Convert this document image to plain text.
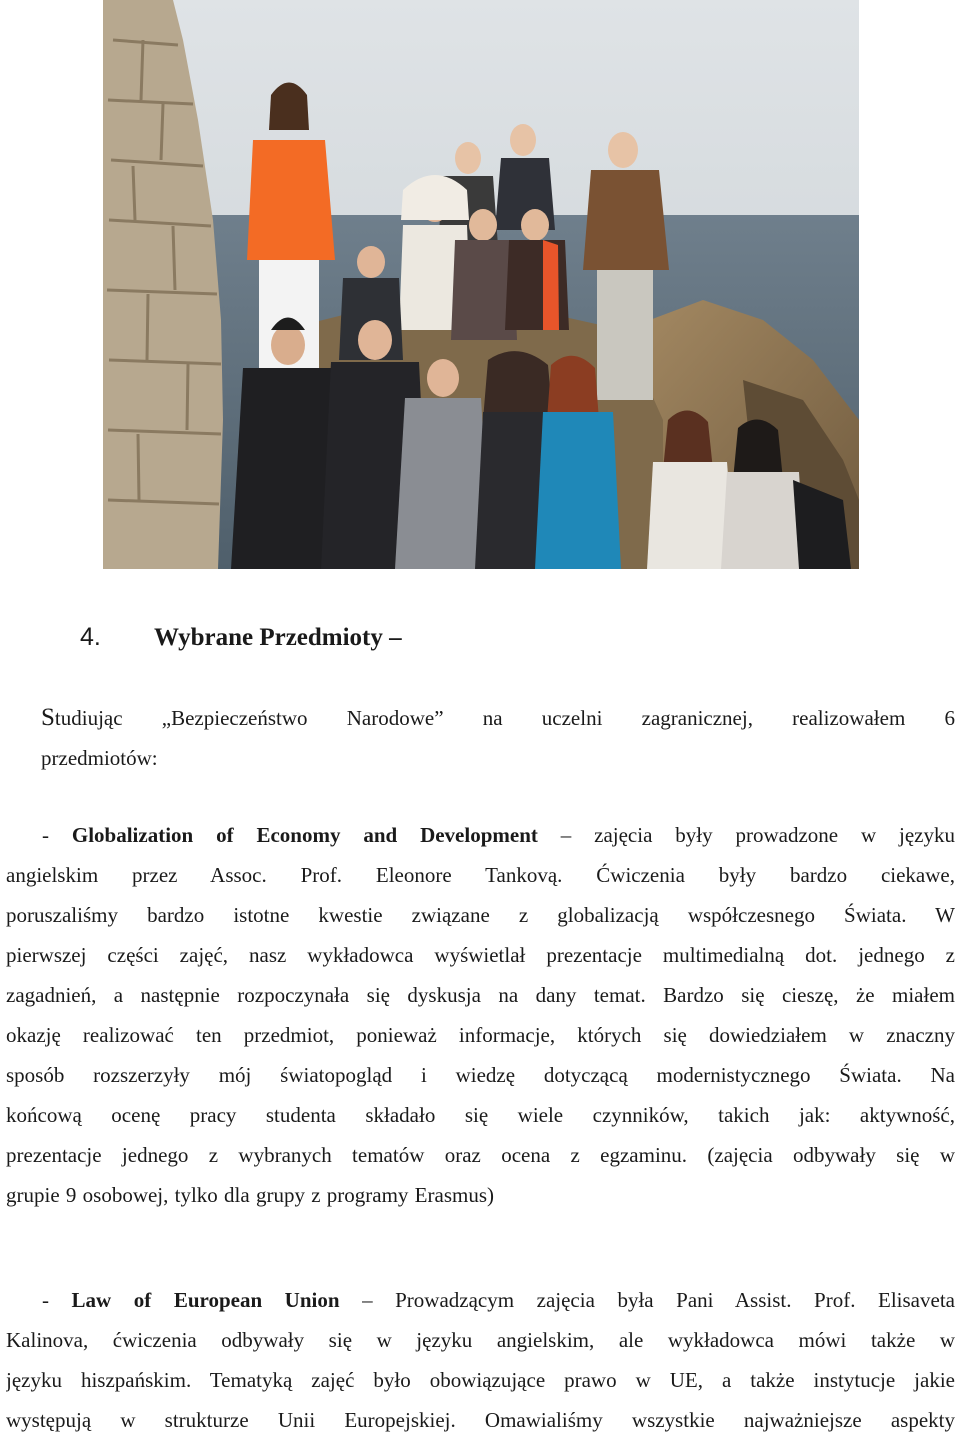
4. Wybrane Przedmioty –
Studiując „Bezpieczeństwo Narodowe” na uczelni zagranicznej, realizowałem 6
przedmiotów:
- Globalization of Economy and Development – zajęcia były prowadzone w języku
angielskim przez Assoc. Prof. Eleonore Tankovą. Ćwiczenia były bardzo ciekawe,
poruszaliśmy bardzo istotne kwestie związane z globalizacją współczesnego Świata. W
pierwszej części zajęć, nasz wykładowca wyświetlał prezentacje multimedialną dot. jednego z
zagadnień, a następnie rozpoczynała się dyskusja na dany temat. Bardzo się cieszę, że miałem
okazję realizować ten przedmiot, ponieważ informacje, których się dowiedziałem w znaczny
sposób rozszerzyły mój światopogląd i wiedzę dotyczącą modernistycznego Świata. Na
końcową ocenę pracy studenta składało się wiele czynników, takich jak: aktywność,
prezentacje jednego z wybranych tematów oraz ocena z egzaminu. (zajęcia odbywały się w
grupie 9 osobowej, tylko dla grupy z programy Erasmus)
- Law of European Union – Prowadzącym zajęcia była Pani Assist. Prof. Elisaveta
Kalinova, ćwiczenia odbywały się w języku angielskim, ale wykładowca mówi także w
języku hiszpańskim. Tematyką zajęć było obowiązujące prawo w UE, a także instytucje jakie
występują w strukturze Unii Europejskiej. Omawialiśmy wszystkie najważniejsze aspekty
